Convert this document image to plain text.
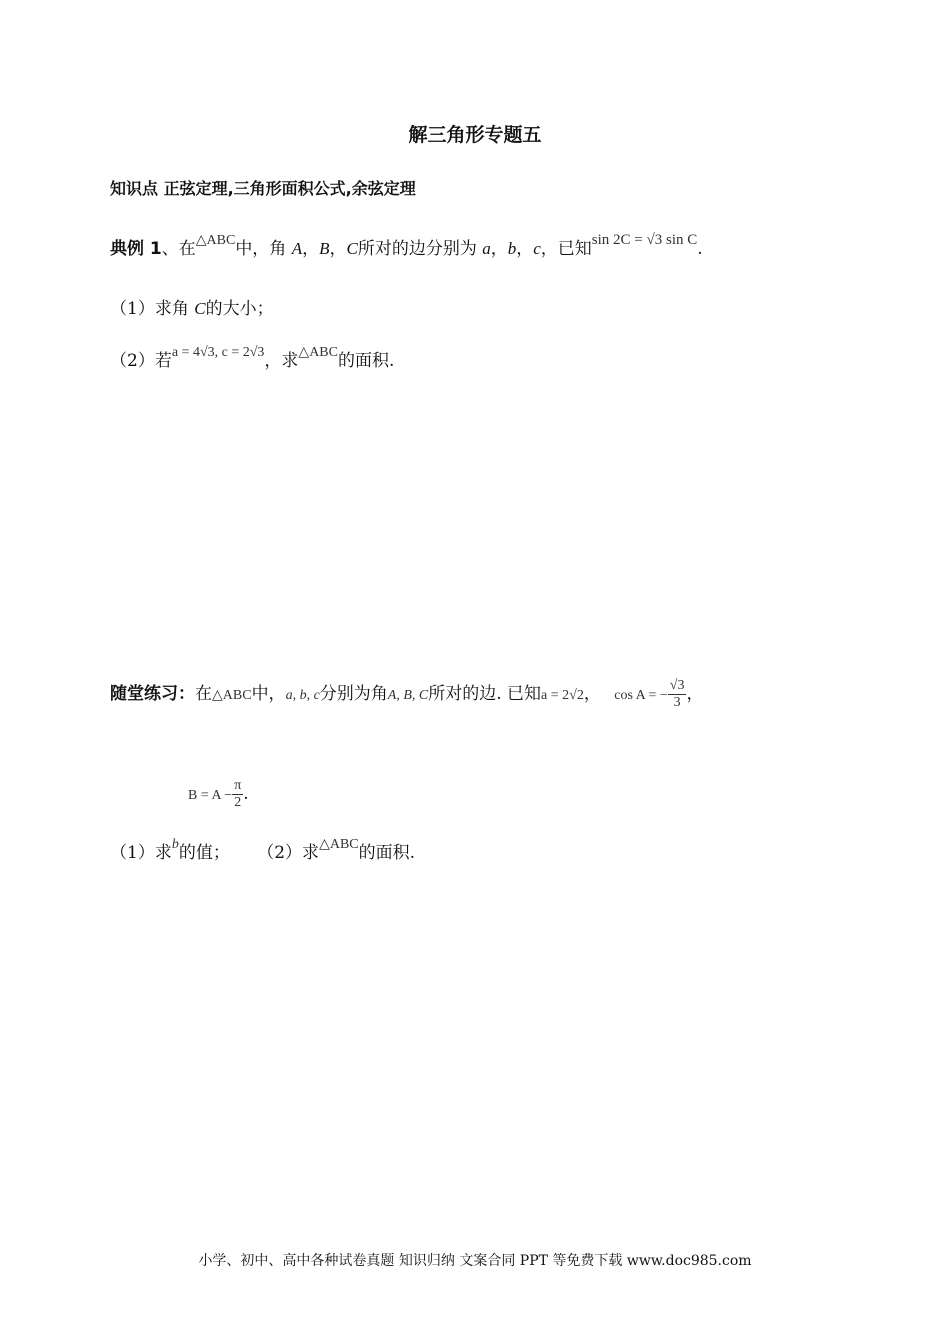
解三角形专题五
知识点 正弦定理,三角形面积公式,余弦定理
典例 1、在$^{\triangle ABC}$中，角 A，B，C所对的边分别为 a，b，c，已知sin 2C = √3 sin C.
（1）求角 C的大小；
（2）若$^{a = 4√3, c = 2√3}$，求$^{\triangle ABC}$的面积.
随堂练习：在△ABC中，a, b, c分别为角A, B, C所对的边. 已知a = 2√2， cos A = − $\frac{√3}{3}$ ，
$B = A - \frac{\pi}{2}$ .
（1）求$^b$的值； （2）求$^{\triangle ABC}$的面积.
小学、初中、高中各种试卷真题 知识归纳 文案合同 PPT 等免费下载 www.doc985.com
